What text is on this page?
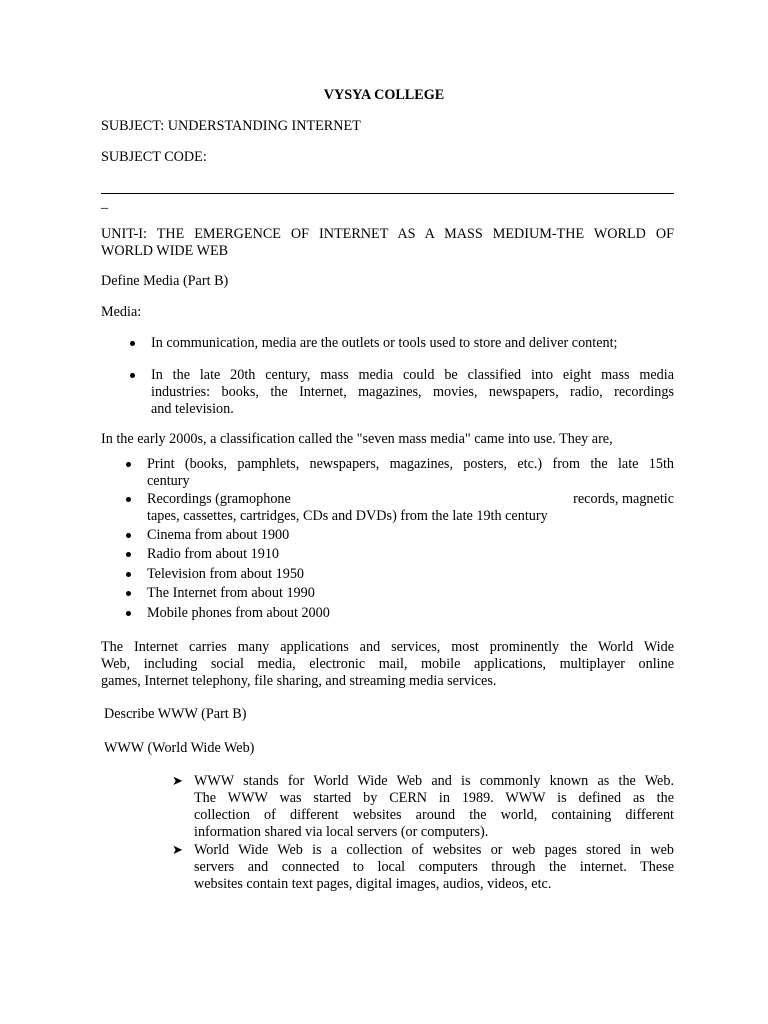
VYSYA COLLEGE
SUBJECT: UNDERSTANDING INTERNET
SUBJECT CODE:
–
UNIT-I: THE EMERGENCE OF INTERNET AS A MASS MEDIUM-THE WORLD OF
WORLD WIDE WEB
Define Media (Part B)
Media:
In communication, media are the outlets or tools used to store and deliver content;
In the late 20th century, mass media could be classified into eight mass media
industries: books, the Internet, magazines, movies, newspapers, radio, recordings
and television.
In the early 2000s, a classification called the "seven mass media" came into use. They are,
Print (books, pamphlets, newspapers, magazines, posters, etc.) from the late 15th
century
Recordings (gramophone	records, magnetic
tapes, cassettes, cartridges, CDs and DVDs) from the late 19th century
Cinema from about 1900
Radio from about 1910
Television from about 1950
The Internet from about 1990
Mobile phones from about 2000
The Internet carries many applications and services, most prominently the World Wide
Web, including social media, electronic mail, mobile applications, multiplayer online
games, Internet telephony, file sharing, and streaming media services.
Describe WWW (Part B)
WWW (World Wide Web)
➤ WWW stands for World Wide Web and is commonly known as the Web.
The WWW was started by CERN in 1989. WWW is defined as the
collection of different websites around the world, containing different
information shared via local servers (or computers).
➤ World Wide Web is a collection of websites or web pages stored in web
servers and connected to local computers through the internet. These
websites contain text pages, digital images, audios, videos, etc.
